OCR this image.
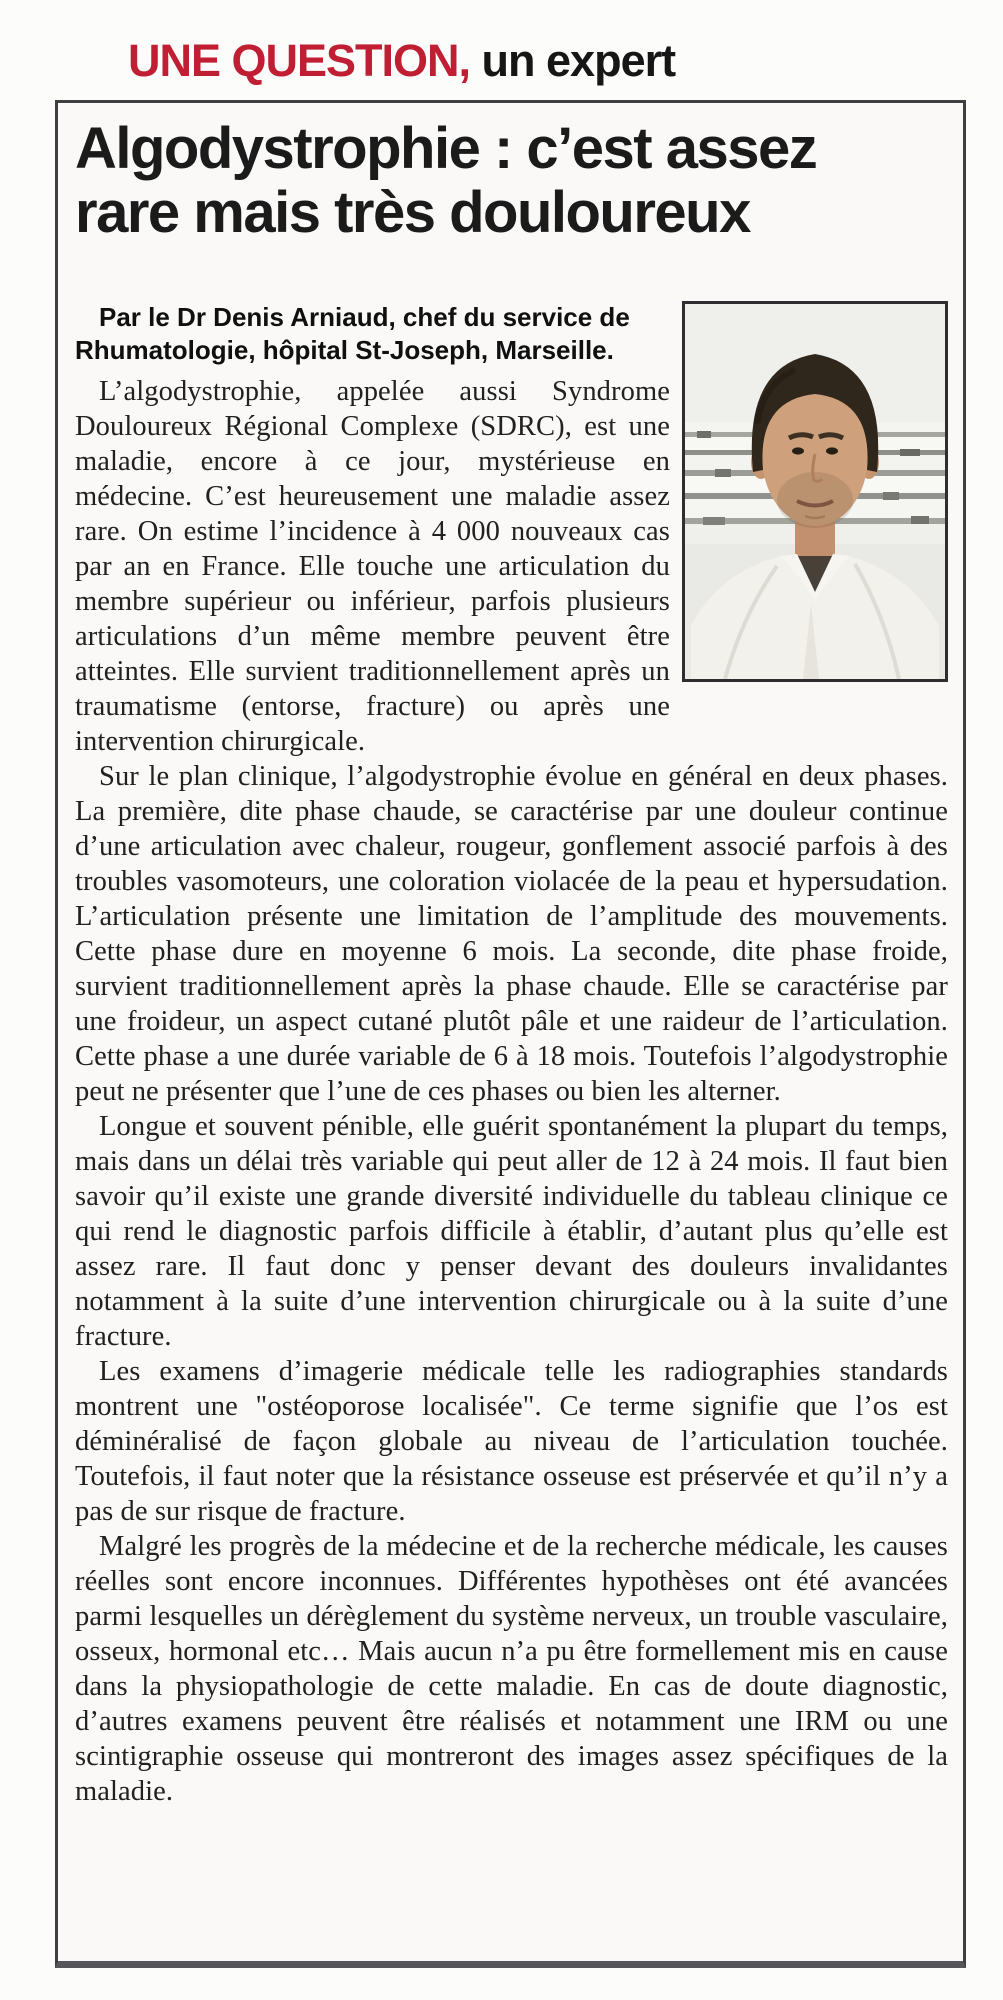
UNE QUESTION, un expert
Algodystrophie : c’est assez
rare mais très douloureux

Par le Dr Denis Arniaud, chef du service de
Rhumatologie, hôpital St-Joseph, Marseille.

L’algodystrophie, appelée aussi Syndrome Douloureux Régional Complexe (SDRC), est une maladie, encore à ce jour, mystérieuse en médecine. C’est heureusement une maladie assez rare. On estime l’incidence à 4 000 nouveaux cas par an en France. Elle touche une articulation du membre supérieur ou inférieur, parfois plusieurs articulations d’un même membre peuvent être atteintes. Elle survient traditionnellement après un traumatisme (entorse, fracture) ou après une intervention chirurgicale.

Sur le plan clinique, l’algodystrophie évolue en général en deux phases. La première, dite phase chaude, se caractérise par une douleur continue d’une articulation avec chaleur, rougeur, gonflement associé parfois à des troubles vasomoteurs, une coloration violacée de la peau et hypersudation. L’articulation présente une limitation de l’amplitude des mouvements. Cette phase dure en moyenne 6 mois. La seconde, dite phase froide, survient traditionnellement après la phase chaude. Elle se caractérise par une froideur, un aspect cutané plutôt pâle et une raideur de l’articulation. Cette phase a une durée variable de 6 à 18 mois. Toutefois l’algodystrophie peut ne présenter que l’une de ces phases ou bien les alterner.

Longue et souvent pénible, elle guérit spontanément la plupart du temps, mais dans un délai très variable qui peut aller de 12 à 24 mois. Il faut bien savoir qu’il existe une grande diversité individuelle du tableau clinique ce qui rend le diagnostic parfois difficile à établir, d’autant plus qu’elle est assez rare. Il faut donc y penser devant des douleurs invalidantes notamment à la suite d’une intervention chirurgicale ou à la suite d’une fracture.

Les examens d’imagerie médicale telle les radiographies standards montrent une "ostéoporose localisée". Ce terme signifie que l’os est déminéralisé de façon globale au niveau de l’articulation touchée. Toutefois, il faut noter que la résistance osseuse est préservée et qu’il n’y a pas de sur risque de fracture.

Malgré les progrès de la médecine et de la recherche médicale, les causes réelles sont encore inconnues. Différentes hypothèses ont été avancées parmi lesquelles un dérèglement du système nerveux, un trouble vasculaire, osseux, hormonal etc… Mais aucun n’a pu être formellement mis en cause dans la physiopathologie de cette maladie. En cas de doute diagnostic, d’autres examens peuvent être réalisés et notamment une IRM ou une scintigraphie osseuse qui montreront des images assez spécifiques de la maladie.
